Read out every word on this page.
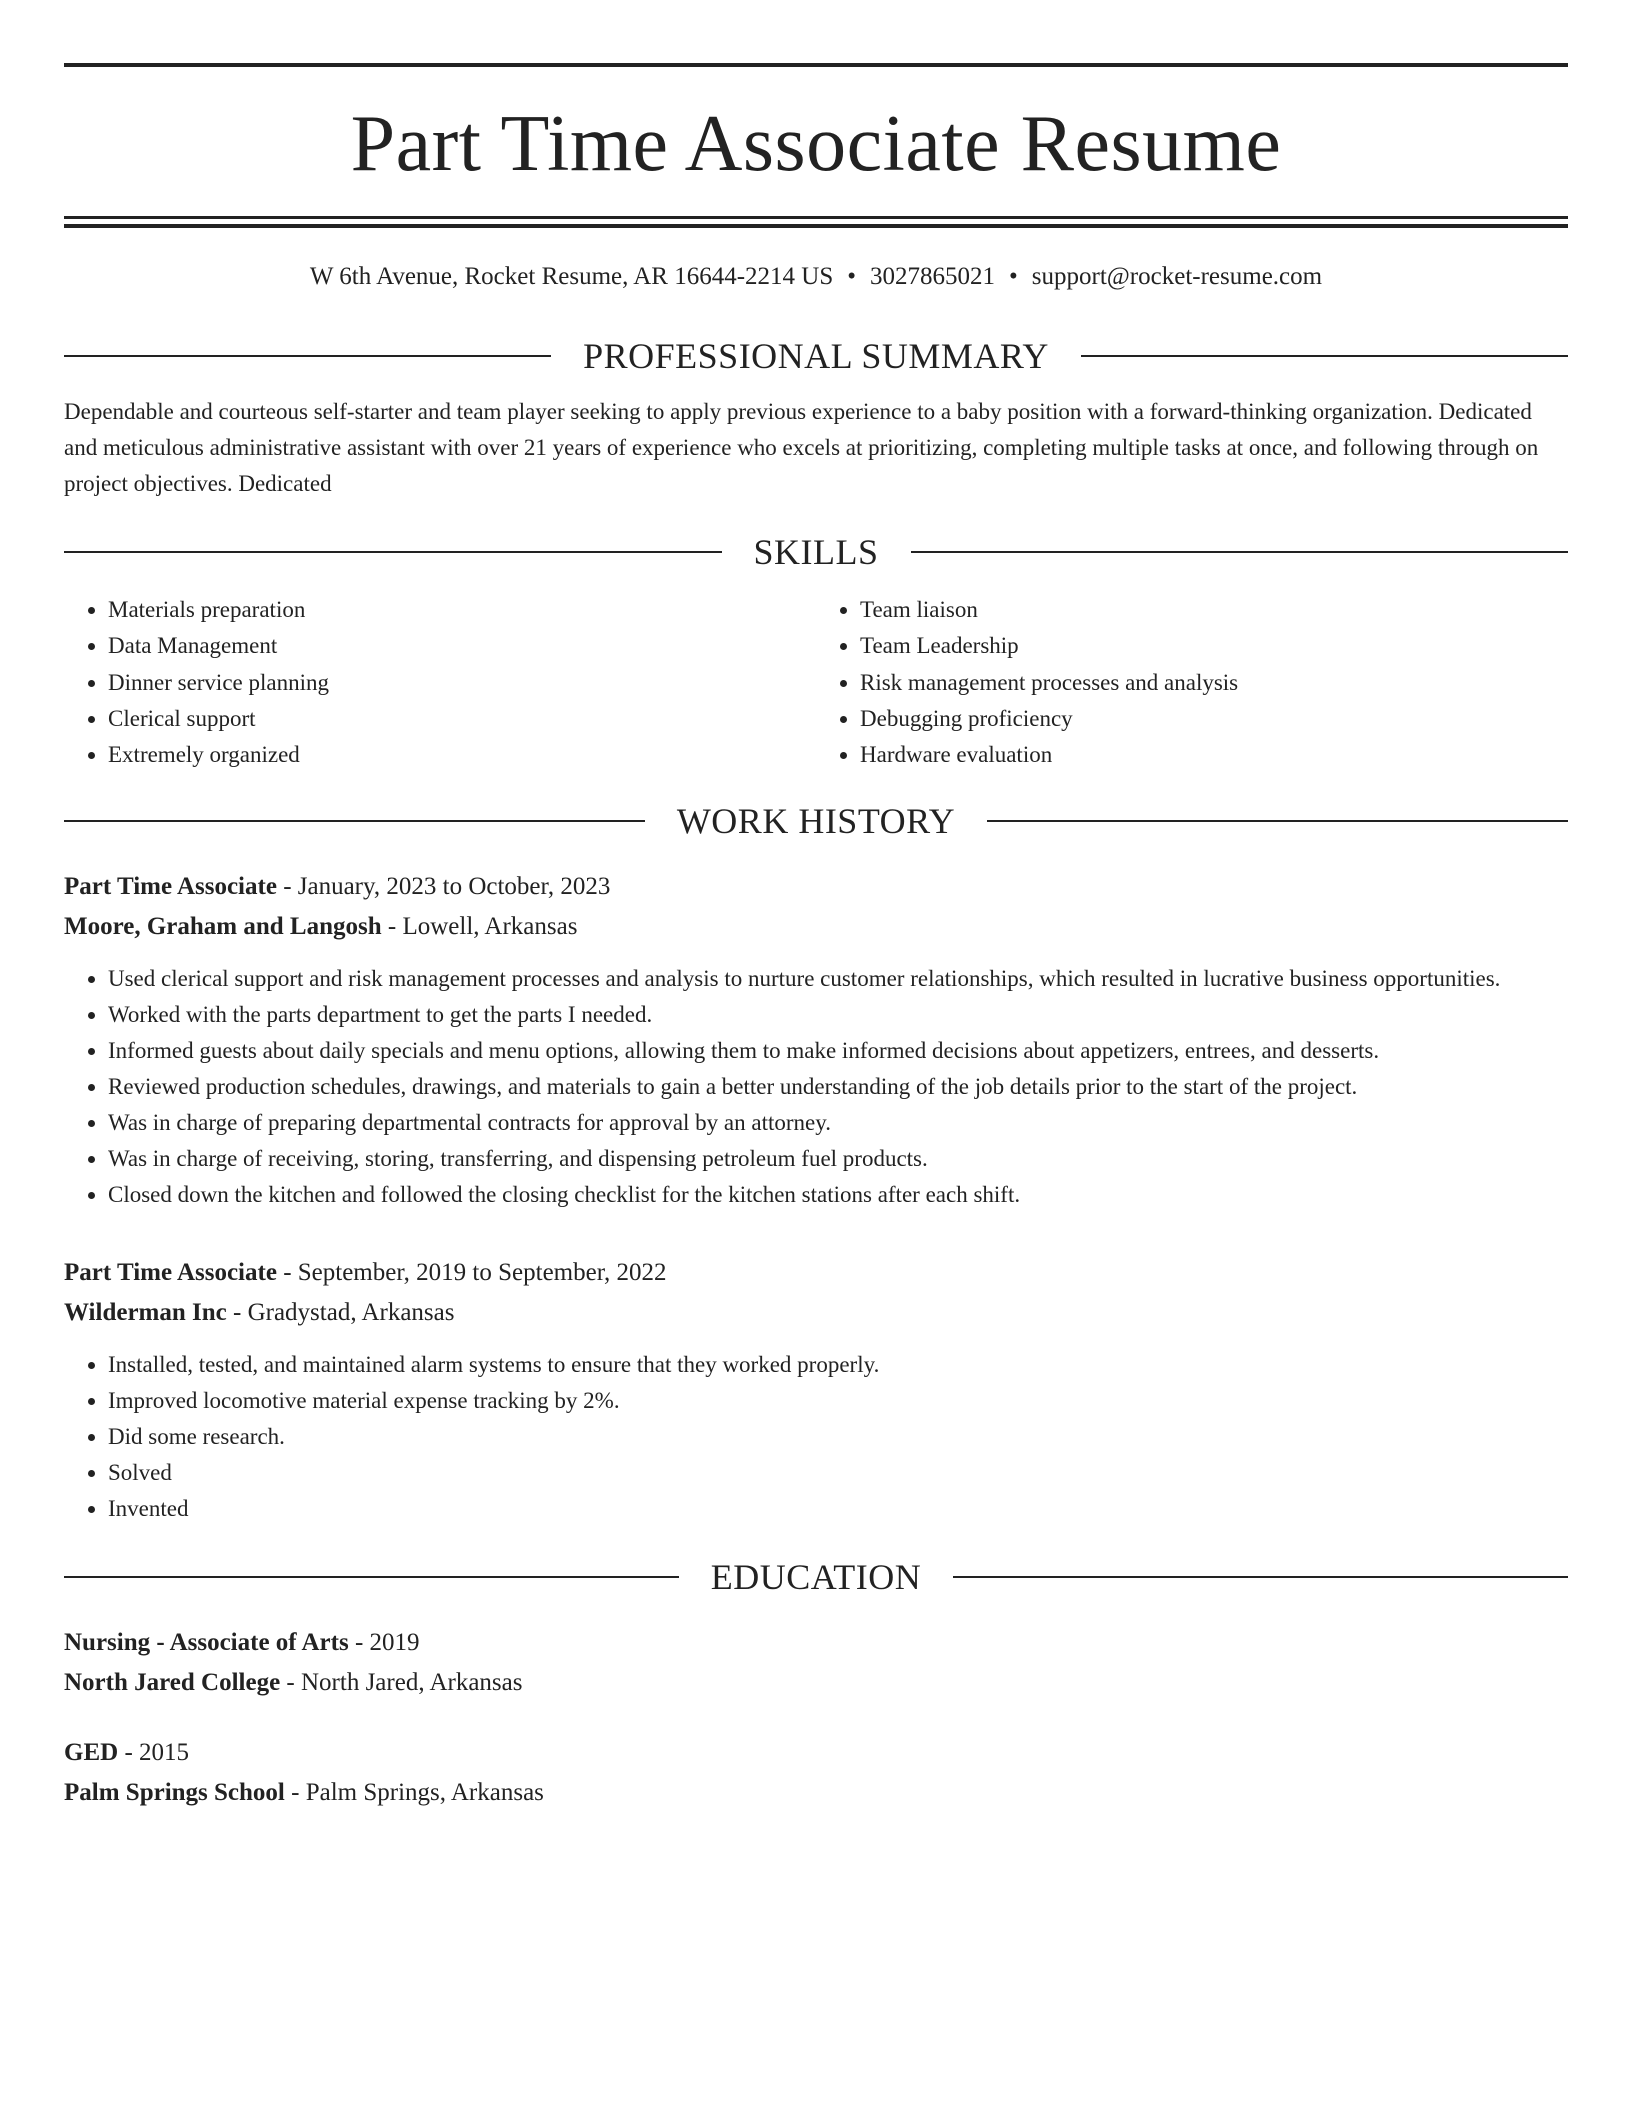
Part Time Associate Resume
W 6th Avenue, Rocket Resume, AR 16644-2214 US • 3027865021 • support@rocket-resume.com
PROFESSIONAL SUMMARY
Dependable and courteous self-starter and team player seeking to apply previous experience to a baby position with a forward-thinking organization. Dedicated and meticulous administrative assistant with over 21 years of experience who excels at prioritizing, completing multiple tasks at once, and following through on project objectives. Dedicated
SKILLS
• Materials preparation
• Data Management
• Dinner service planning
• Clerical support
• Extremely organized
• Team liaison
• Team Leadership
• Risk management processes and analysis
• Debugging proficiency
• Hardware evaluation
WORK HISTORY
Part Time Associate - January, 2023 to October, 2023
Moore, Graham and Langosh - Lowell, Arkansas
• Used clerical support and risk management processes and analysis to nurture customer relationships, which resulted in lucrative business opportunities.
• Worked with the parts department to get the parts I needed.
• Informed guests about daily specials and menu options, allowing them to make informed decisions about appetizers, entrees, and desserts.
• Reviewed production schedules, drawings, and materials to gain a better understanding of the job details prior to the start of the project.
• Was in charge of preparing departmental contracts for approval by an attorney.
• Was in charge of receiving, storing, transferring, and dispensing petroleum fuel products.
• Closed down the kitchen and followed the closing checklist for the kitchen stations after each shift.
Part Time Associate - September, 2019 to September, 2022
Wilderman Inc - Gradystad, Arkansas
• Installed, tested, and maintained alarm systems to ensure that they worked properly.
• Improved locomotive material expense tracking by 2%.
• Did some research.
• Solved
• Invented
EDUCATION
Nursing - Associate of Arts - 2019
North Jared College - North Jared, Arkansas
GED - 2015
Palm Springs School - Palm Springs, Arkansas
